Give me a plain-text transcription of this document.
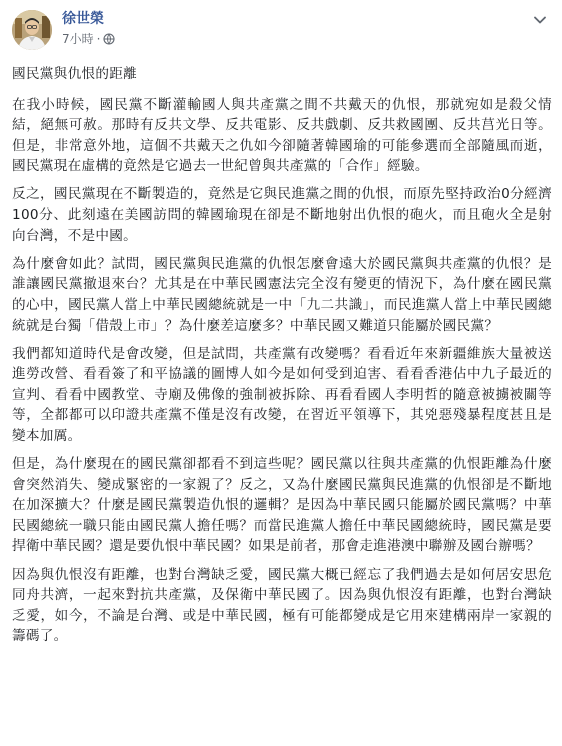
徐世榮
7小時 ·

國民黨與仇恨的距離

在我小時候，國民黨不斷灌輸國人與共產黨之間不共戴天的仇恨，那就宛如是殺父情結，絕無可赦。那時有反共文學、反共電影、反共戲劇、反共救國團、反共莒光日等。但是，非常意外地，這個不共戴天之仇如今卻隨著韓國瑜的可能參選而全部隨風而逝，國民黨現在虛構的竟然是它過去一世紀曾與共產黨的「合作」經驗。

反之，國民黨現在不斷製造的，竟然是它與民進黨之間的仇恨，而原先堅持政治0分經濟100分、此刻遠在美國訪問的韓國瑜現在卻是不斷地射出仇恨的砲火，而且砲火全是射向台灣，不是中國。

為什麼會如此？試問，國民黨與民進黨的仇恨怎麼會遠大於國民黨與共產黨的仇恨？是誰讓國民黨撤退來台？尤其是在中華民國憲法完全沒有變更的情況下，為什麼在國民黨的心中，國民黨人當上中華民國總統就是一中「九二共識」，而民進黨人當上中華民國總統就是台獨「借殼上市」？為什麼差這麼多？中華民國又難道只能屬於國民黨？

我們都知道時代是會改變，但是試問，共產黨有改變嗎？看看近年來新疆維族大量被送進勞改營、看看簽了和平協議的圖博人如今是如何受到迫害、看看香港佔中九子最近的宣判、看看中國教堂、寺廟及佛像的強制被拆除、再看看國人李明哲的隨意被擄被關等等，全都都可以印證共產黨不僅是沒有改變，在習近平領導下，其兇惡殘暴程度甚且是變本加厲。

但是，為什麼現在的國民黨卻都看不到這些呢？國民黨以往與共產黨的仇恨距離為什麼會突然消失、變成緊密的一家親了？反之，又為什麼國民黨與民進黨的仇恨卻是不斷地在加深擴大？什麼是國民黨製造仇恨的邏輯？是因為中華民國只能屬於國民黨嗎？中華民國總統一職只能由國民黨人擔任嗎？而當民進黨人擔任中華民國總統時，國民黨是要捍衛中華民國？還是要仇恨中華民國？如果是前者，那會走進港澳中聯辦及國台辦嗎？

因為與仇恨沒有距離，也對台灣缺乏愛，國民黨大概已經忘了我們過去是如何居安思危同舟共濟，一起來對抗共產黨，及保衛中華民國了。因為與仇恨沒有距離，也對台灣缺乏愛，如今，不論是台灣、或是中華民國，極有可能都變成是它用來建構兩岸一家親的籌碼了。
